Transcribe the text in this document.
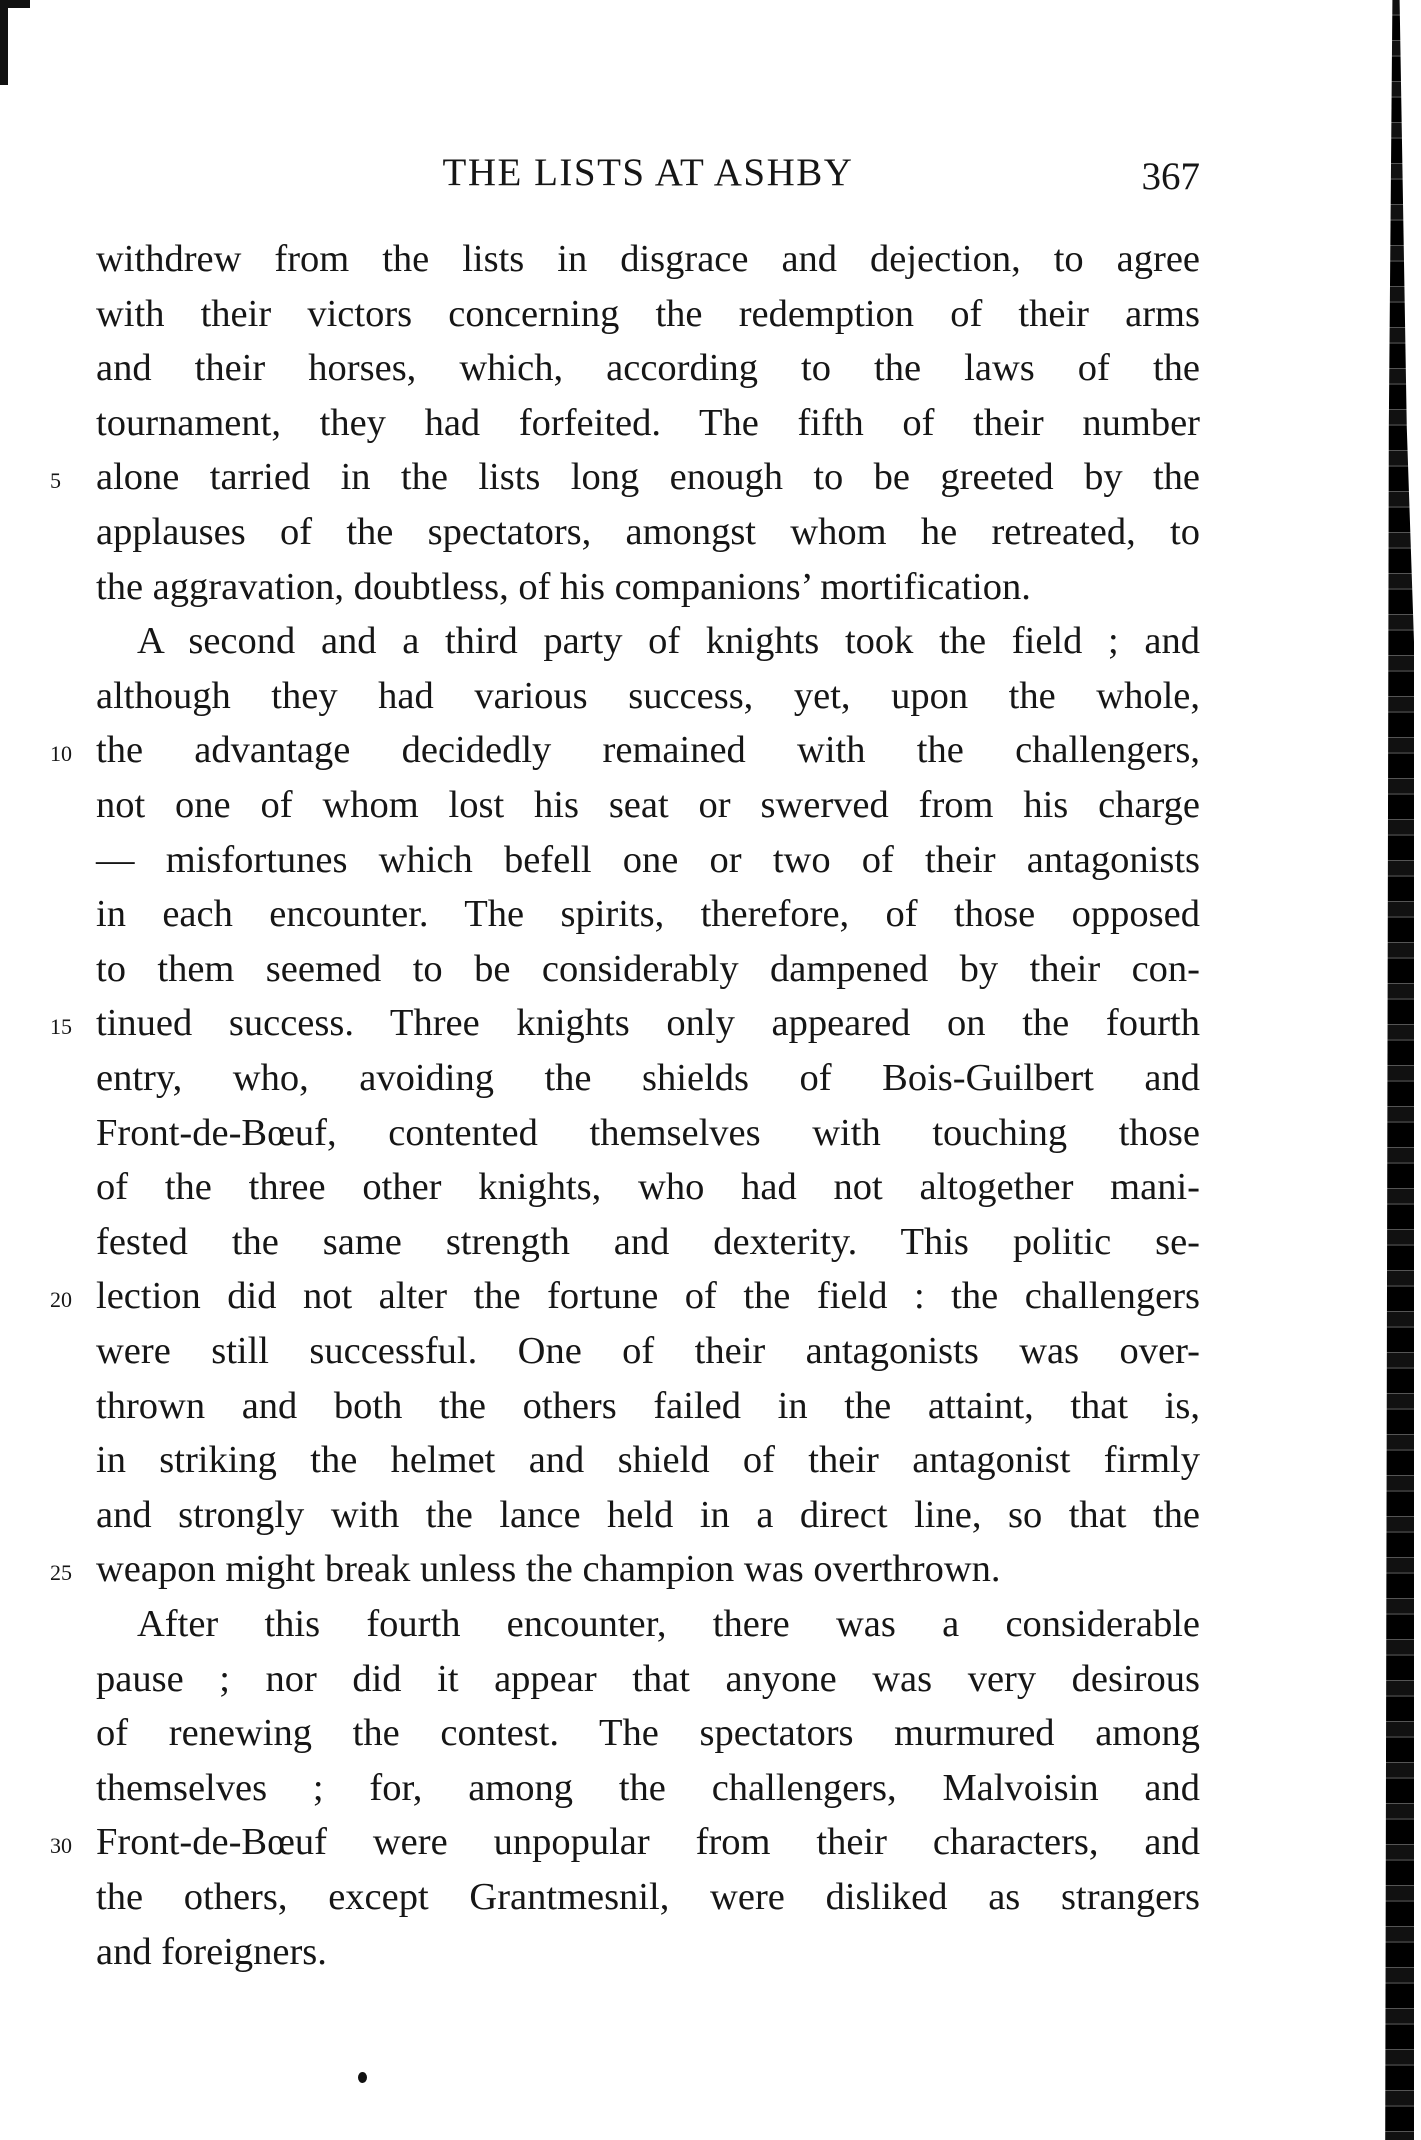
THE LISTS AT ASHBY	367
withdrew from the lists in disgrace and dejection, to agree
with their victors concerning the redemption of their arms
and their horses, which, according to the laws of the
tournament, they had forfeited. The fifth of their number
alone tarried in the lists long enough to be greeted by the
5
applauses of the spectators, amongst whom he retreated, to
the aggravation, doubtless, of his companions’ mortification.
A second and a third party of knights took the field ; and
although they had various success, yet, upon the whole,
the advantage decidedly remained with the challengers,
10
not one of whom lost his seat or swerved from his charge
— misfortunes which befell one or two of their antagonists
in each encounter. The spirits, therefore, of those opposed
to them seemed to be considerably dampened by their con-
tinued success. Three knights only appeared on the fourth
15
entry, who, avoiding the shields of Bois-Guilbert and
Front-de-Bœuf, contented themselves with touching those
of the three other knights, who had not altogether mani-
fested the same strength and dexterity. This politic se-
lection did not alter the fortune of the field : the challengers
20
were still successful. One of their antagonists was over-
thrown and both the others failed in the attaint, that is,
in striking the helmet and shield of their antagonist firmly
and strongly with the lance held in a direct line, so that the
weapon might break unless the champion was overthrown.
25
After this fourth encounter, there was a considerable
pause ; nor did it appear that anyone was very desirous
of renewing the contest. The spectators murmured among
themselves ; for, among the challengers, Malvoisin and
Front-de-Bœuf were unpopular from their characters, and
30
the others, except Grantmesnil, were disliked as strangers
and foreigners.
